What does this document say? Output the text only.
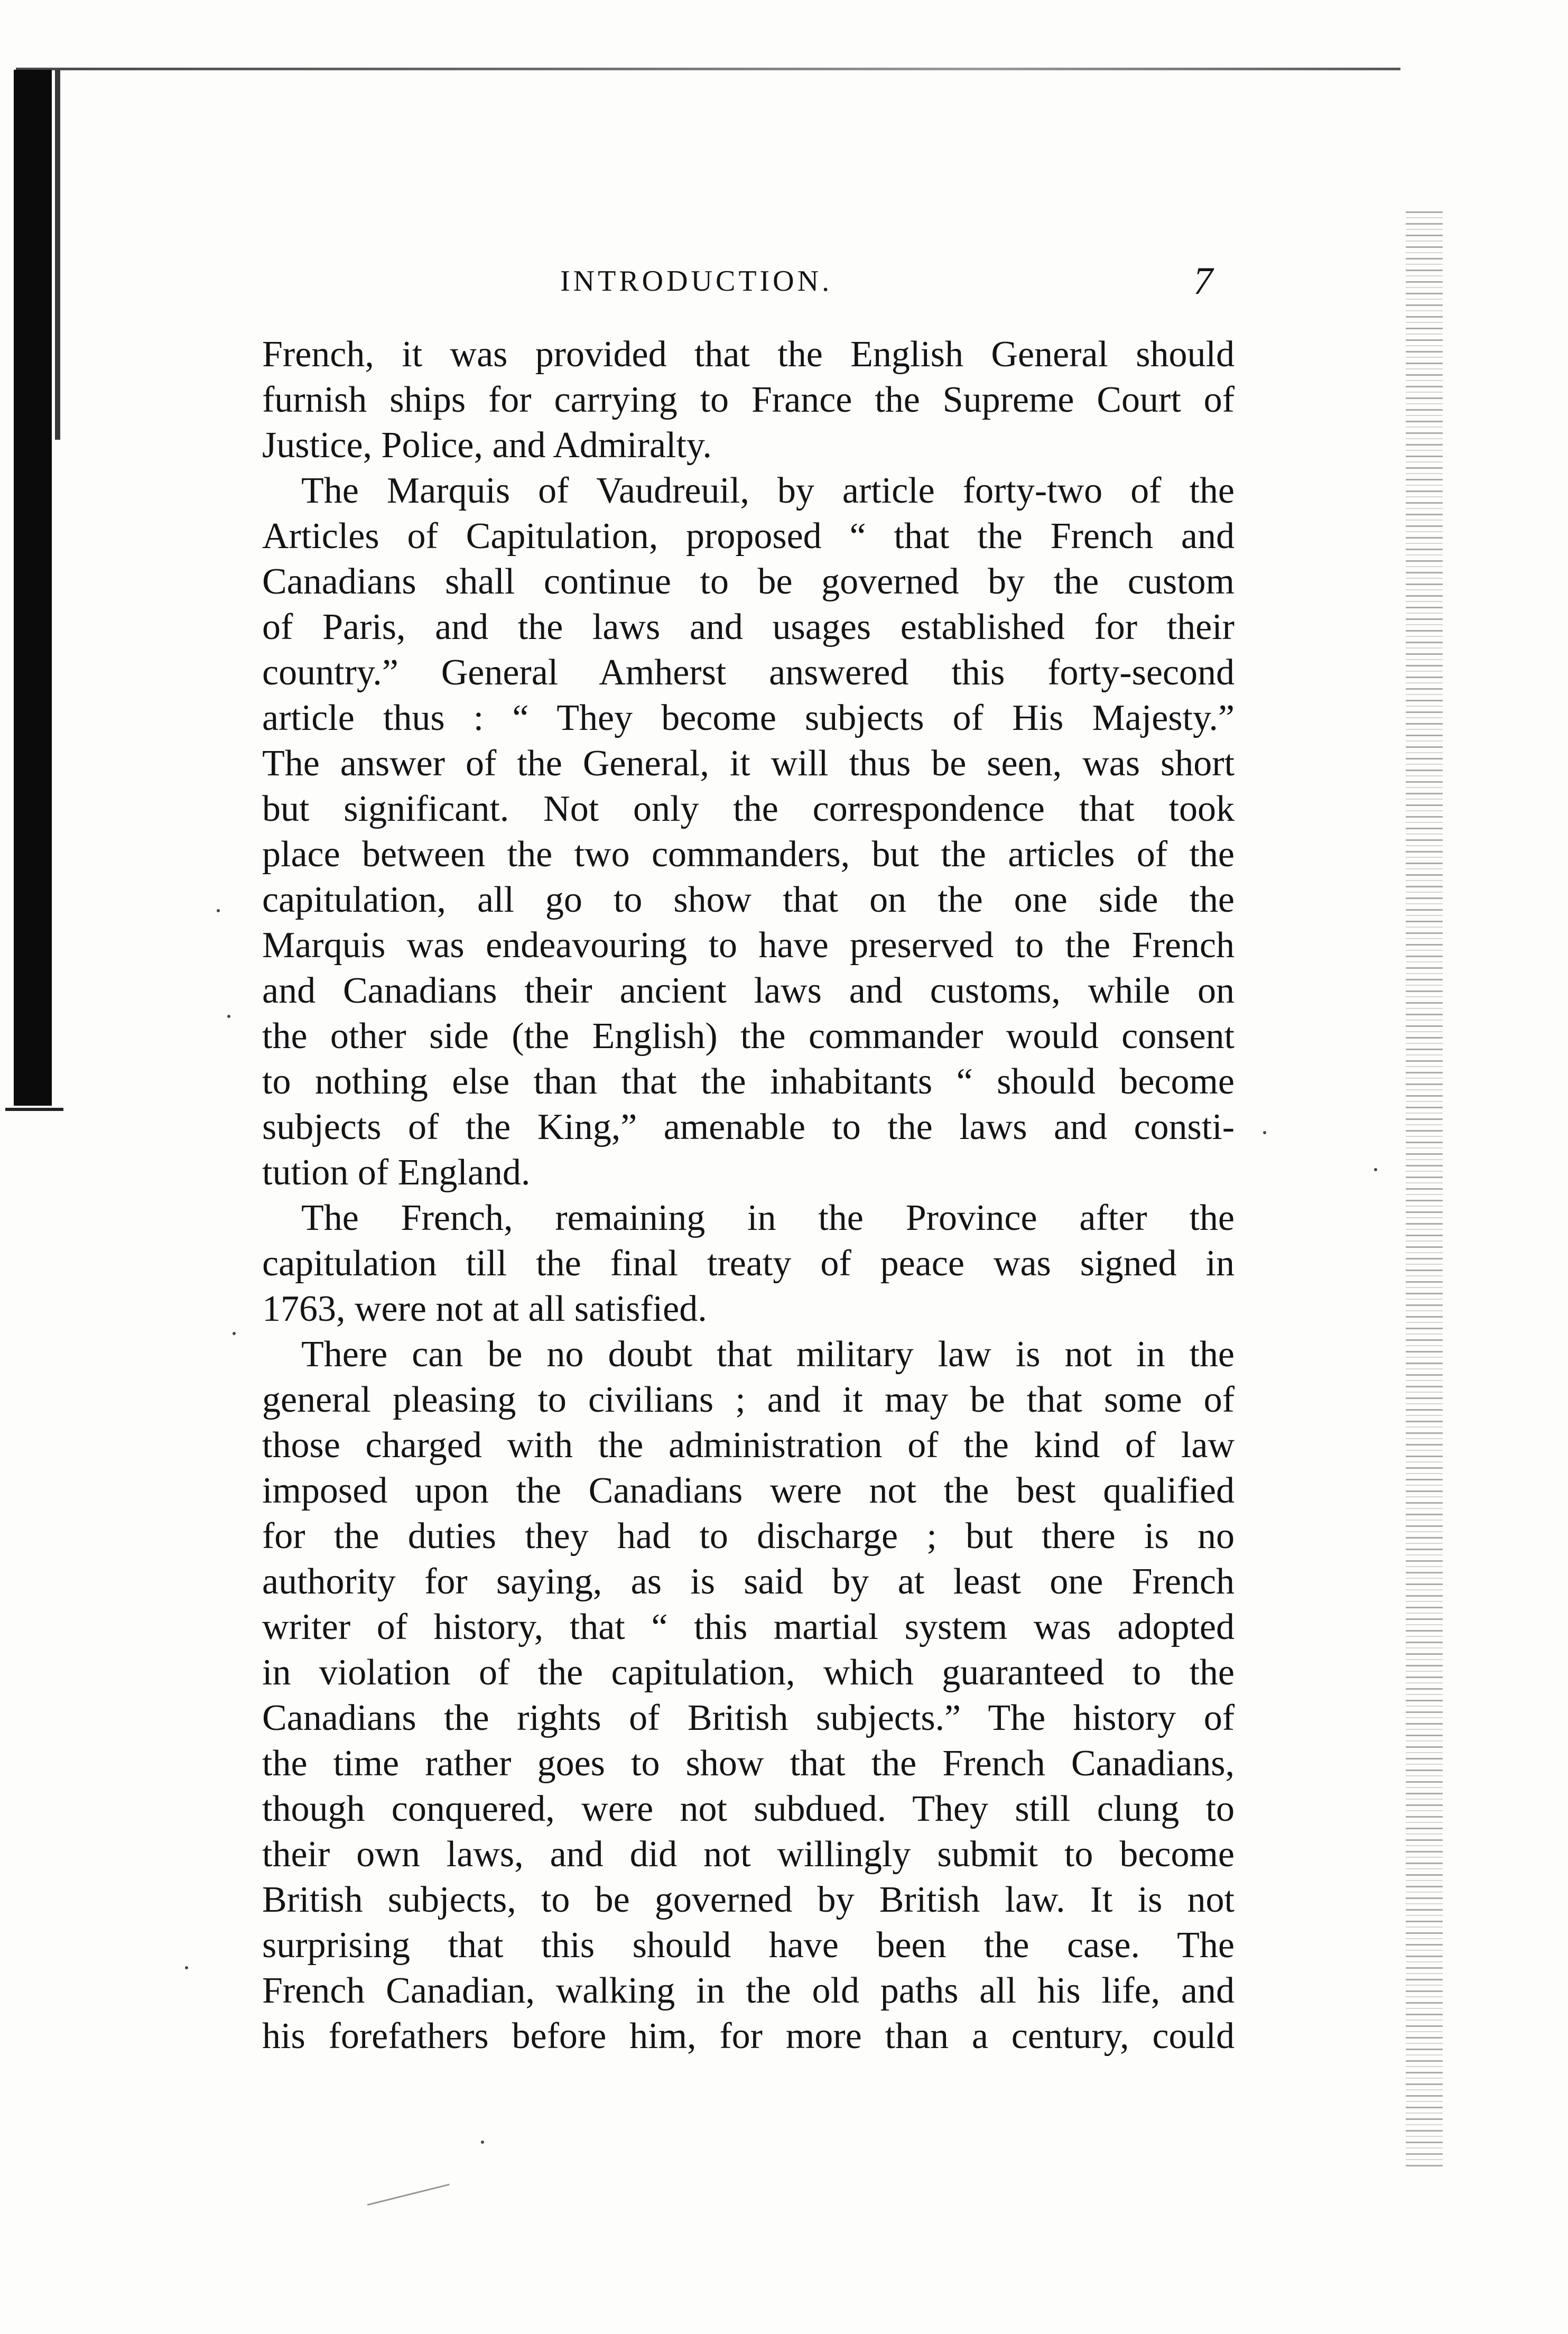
INTRODUCTION.	7
French, it was provided that the English General should
furnish ships for carrying to France the Supreme Court of
Justice, Police, and Admiralty.
The Marquis of Vaudreuil, by article forty-two of the
Articles of Capitulation, proposed “ that the French and
Canadians shall continue to be governed by the custom
of Paris, and the laws and usages established for their
country.” General Amherst answered this forty-second
article thus : “ They become subjects of His Majesty.”
The answer of the General, it will thus be seen, was short
but significant. Not only the correspondence that took
place between the two commanders, but the articles of the
capitulation, all go to show that on the one side the
Marquis was endeavouring to have preserved to the French
and Canadians their ancient laws and customs, while on
the other side (the English) the commander would consent
to nothing else than that the inhabitants “ should become
subjects of the King,” amenable to the laws and consti-
tution of England.
The French, remaining in the Province after the
capitulation till the final treaty of peace was signed in
1763, were not at all satisfied.
There can be no doubt that military law is not in the
general pleasing to civilians ; and it may be that some of
those charged with the administration of the kind of law
imposed upon the Canadians were not the best qualified
for the duties they had to discharge ; but there is no
authority for saying, as is said by at least one French
writer of history, that “ this martial system was adopted
in violation of the capitulation, which guaranteed to the
Canadians the rights of British subjects.” The history of
the time rather goes to show that the French Canadians,
though conquered, were not subdued. They still clung to
their own laws, and did not willingly submit to become
British subjects, to be governed by British law. It is not
surprising that this should have been the case. The
French Canadian, walking in the old paths all his life, and
his forefathers before him, for more than a century, could
